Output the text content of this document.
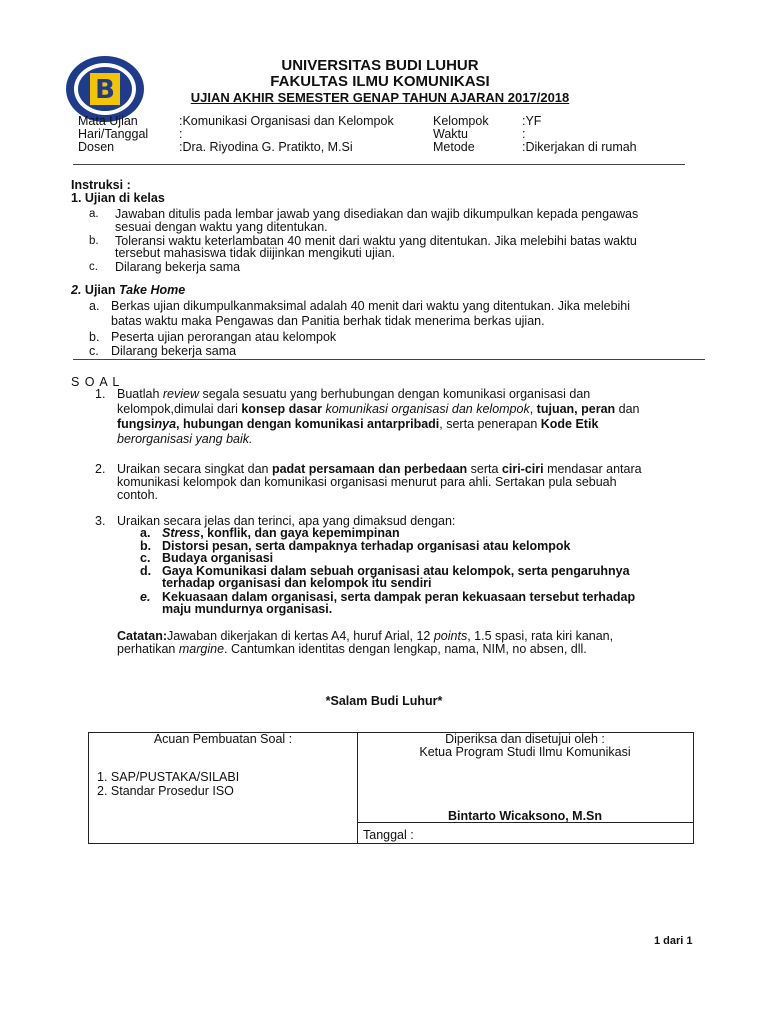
B
UNIVERSITAS BUDI LUHUR
FAKULTAS ILMU KOMUNIKASI
UJIAN AKHIR SEMESTER GENAP TAHUN AJARAN 2017/2018
Mata Ujian	:Komunikasi Organisasi dan Kelompok
Hari/Tanggal :
Dosen	:Dra. Riyodina G. Pratikto, M.Si
Kelompok	:YF
Waktu	:
Metode	:Dikerjakan di rumah
Instruksi :
1. Ujian di kelas
a. Jawaban ditulis pada lembar jawab yang disediakan dan wajib dikumpulkan kepada pengawas
sesuai dengan waktu yang ditentukan.
b. Toleransi waktu keterlambatan 40 menit dari waktu yang ditentukan. Jika melebihi batas waktu
tersebut mahasiswa tidak diijinkan mengikuti ujian.
c. Dilarang bekerja sama
2. Ujian Take Home
a. Berkas ujian dikumpulkanmaksimal adalah 40 menit dari waktu yang ditentukan. Jika melebihi
batas waktu maka Pengawas dan Panitia berhak tidak menerima berkas ujian.
b. Peserta ujian perorangan atau kelompok
c. Dilarang bekerja sama
S O A L
1. Buatlah review segala sesuatu yang berhubungan dengan komunikasi organisasi dan
kelompok,dimulai dari konsep dasar komunikasi organisasi dan kelompok, tujuan, peran dan
fungsinya, hubungan dengan komunikasi antarpribadi, serta penerapan Kode Etik
berorganisasi yang baik.
2. Uraikan secara singkat dan padat persamaan dan perbedaan serta ciri-ciri mendasar antara
komunikasi kelompok dan komunikasi organisasi menurut para ahli. Sertakan pula sebuah
contoh.
3. Uraikan secara jelas dan terinci, apa yang dimaksud dengan:
a. Stress, konflik, dan gaya kepemimpinan
b. Distorsi pesan, serta dampaknya terhadap organisasi atau kelompok
c. Budaya organisasi
d. Gaya Komunikasi dalam sebuah organisasi atau kelompok, serta pengaruhnya
terhadap organisasi dan kelompok itu sendiri
e. Kekuasaan dalam organisasi, serta dampak peran kekuasaan tersebut terhadap
maju mundurnya organisasi.
Catatan:Jawaban dikerjakan di kertas A4, huruf Arial, 12 points, 1.5 spasi, rata kiri kanan,
perhatikan margine. Cantumkan identitas dengan lengkap, nama, NIM, no absen, dll.
*Salam Budi Luhur*
Acuan Pembuatan Soal :
1. SAP/PUSTAKA/SILABI
2. Standar Prosedur ISO
Diperiksa dan disetujui oleh :
Ketua Program Studi Ilmu Komunikasi
Bintarto Wicaksono, M.Sn
Tanggal :
1 dari 1
